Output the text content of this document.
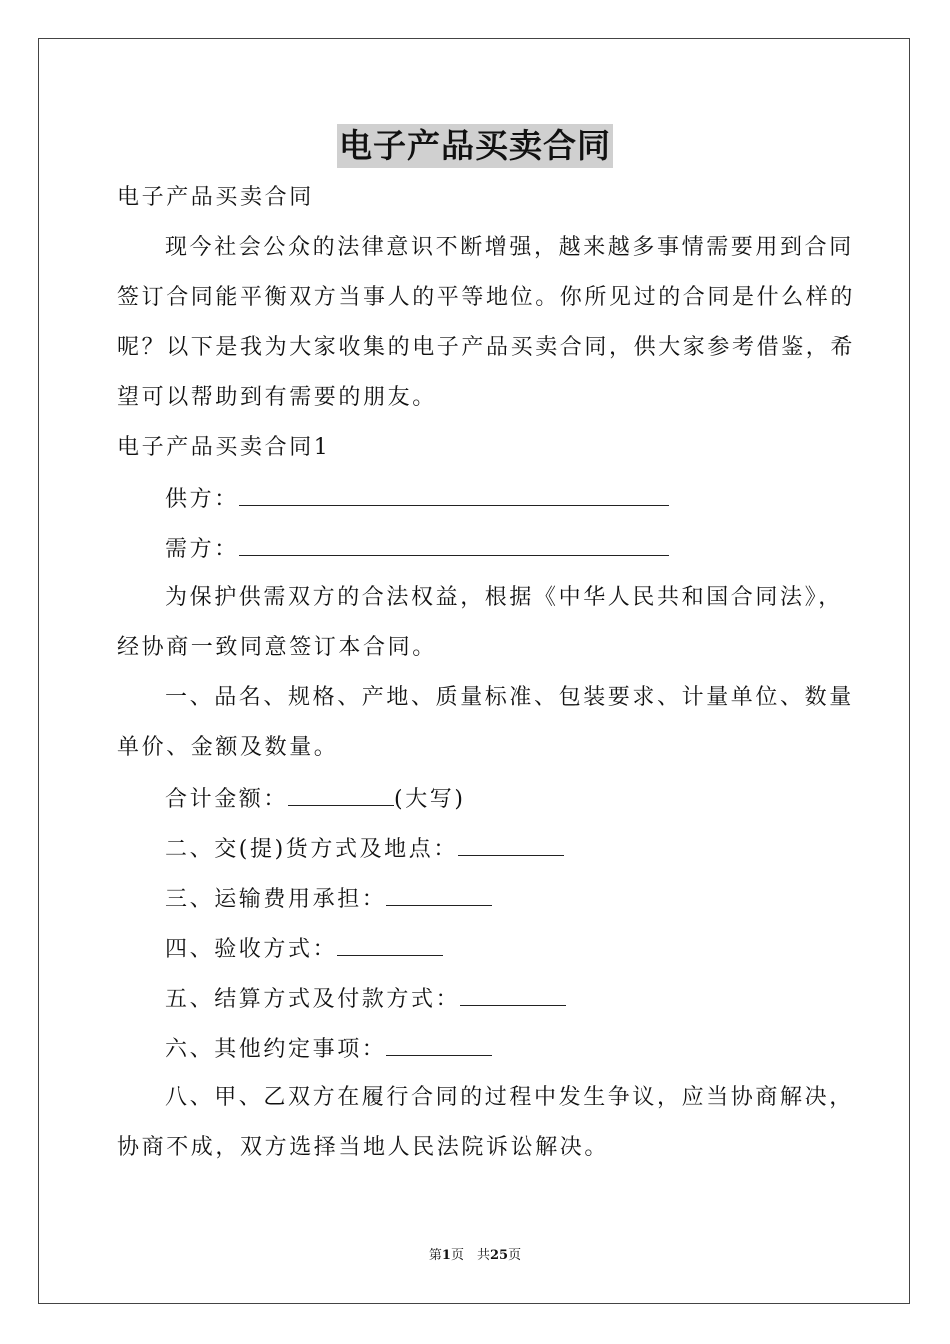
电子产品买卖合同
电子产品买卖合同
现今社会公众的法律意识不断增强，越来越多事情需要用到合同
签订合同能平衡双方当事人的平等地位。你所见过的合同是什么样的
呢？以下是我为大家收集的电子产品买卖合同，供大家参考借鉴，希
望可以帮助到有需要的朋友。
电子产品买卖合同1
供方：
需方：
为保护供需双方的合法权益，根据《中华人民共和国合同法》，
经协商一致同意签订本合同。
一、品名、规格、产地、质量标准、包装要求、计量单位、数量
单价、金额及数量。
合计金额：	(大写)
二、交(提)货方式及地点：
三、运输费用承担：
四、验收方式：
五、结算方式及付款方式：
六、其他约定事项：
八、甲、乙双方在履行合同的过程中发生争议，应当协商解决，
协商不成，双方选择当地人民法院诉讼解决。
第1页　共25页
